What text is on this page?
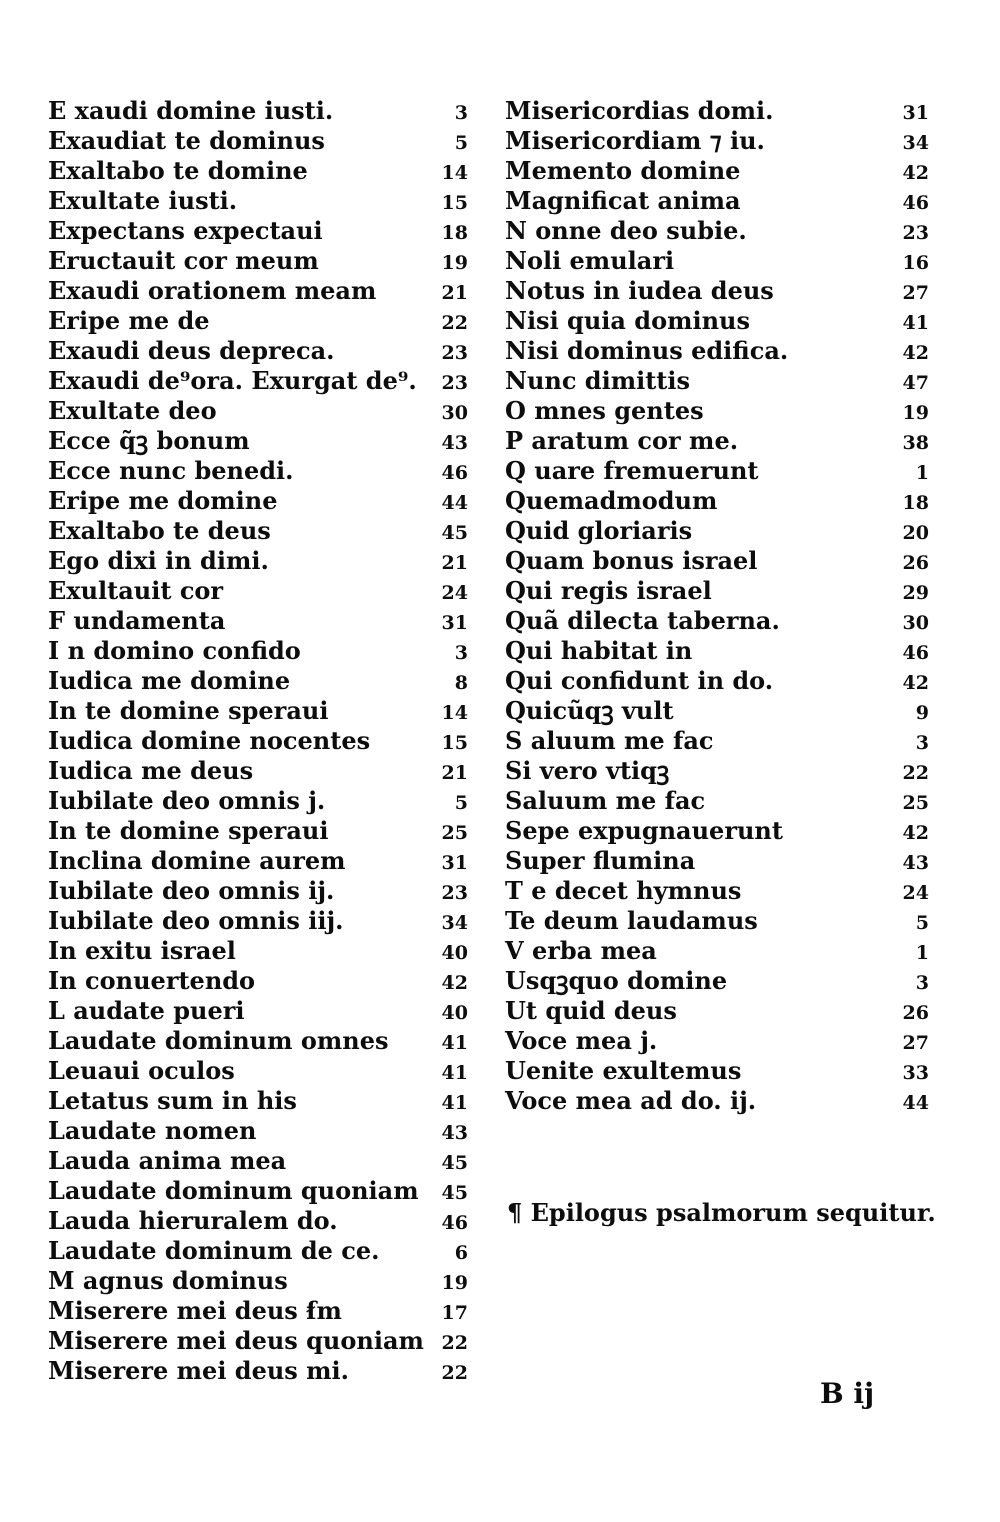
E xaudi domine iusti.	3
Exaudiat te dominus	5
Exaltabo te domine	14
Exultate iusti.	15
Expectans expectaui	18
Eructauit cor meum	19
Exaudi orationem meam	21
Eripe me de	22
Exaudi deus depreca.	23
Exaudi de⁹ora. Exurgat de⁹.	23
Exultate deo	30
Ecce q̃ꝫ bonum	43
Ecce nunc benedi.	46
Eripe me domine	44
Exaltabo te deus	45
Ego dixi in dimi.	21
Exultauit cor	24
F undamenta	31
I n domino confido	3
Iudica me domine	8
In te domine speraui	14
Iudica domine nocentes	15
Iudica me deus	21
Iubilate deo omnis j.	5
In te domine speraui	25
Inclina domine aurem	31
Iubilate deo omnis ij.	23
Iubilate deo omnis iij.	34
In exitu israel	40
In conuertendo	42
L audate pueri	40
Laudate dominum omnes	41
Leuaui oculos	41
Letatus sum in his	41
Laudate nomen	43
Lauda anima mea	45
Laudate dominum quoniam	45
Lauda hieruralem do.	46
Laudate dominum de ce.	6
M agnus dominus	19
Miserere mei deus ẜm	17
Miserere mei deus quoniam 22
Miserere mei deus mi.	22
Misericordias domi.	31
Misericordiam ⁊ iu.	34
Memento domine	42
Magnificat anima	46
N onne deo subie.	23
Noli emulari	16
Notus in iudea deus	27
Nisi quia dominus	41
Nisi dominus edifica.	42
Nunc dimittis	47
O mnes gentes	19
P aratum cor me.	38
Q uare fremuerunt	1
Quemadmodum	18
Quid gloriaris	20
Quam bonus israel	26
Qui regis israel	29
Quã dilecta taberna.	30
Qui habitat in	46
Qui confidunt in do.	42
Quicũqꝫ vult	9
S aluum me fac	3
Si vero vtiqꝫ	22
Saluum me fac	25
Sepe expugnauerunt	42
Super flumina	43
T e decet hymnus	24
Te deum laudamus	5
V erba mea	1
Usqꝫquo domine	3
Ut quid deus	26
Voce mea j.	27
Uenite exultemus	33
Voce mea ad do. ij.	44
¶ Epilogus psalmorum sequitur.
B ij
